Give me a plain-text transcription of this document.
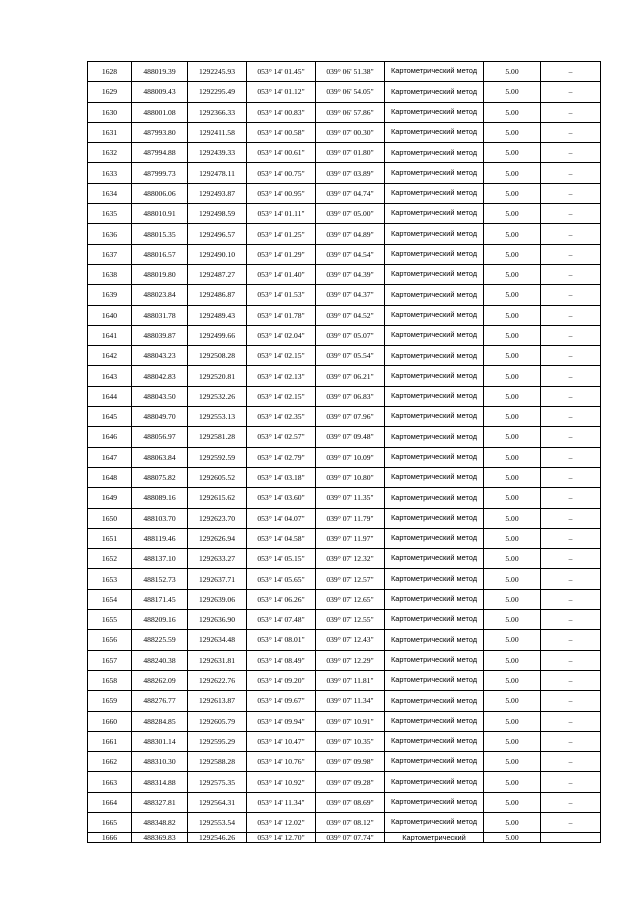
1628	488019.39	1292245.93	053° 14' 01.45"	039° 06' 51.38"	Картометрический метод	5.00	–
1629	488009.43	1292295.49	053° 14' 01.12"	039° 06' 54.05"	Картометрический метод	5.00	–
1630	488001.08	1292366.33	053° 14' 00.83"	039° 06' 57.86"	Картометрический метод	5.00	–
1631	487993.80	1292411.58	053° 14' 00.58"	039° 07' 00.30"	Картометрический метод	5.00	–
1632	487994.88	1292439.33	053° 14' 00.61"	039° 07' 01.80"	Картометрический метод	5.00	–
1633	487999.73	1292478.11	053° 14' 00.75"	039° 07' 03.89"	Картометрический метод	5.00	–
1634	488006.06	1292493.87	053° 14' 00.95"	039° 07' 04.74"	Картометрический метод	5.00	–
1635	488010.91	1292498.59	053° 14' 01.11"	039° 07' 05.00"	Картометрический метод	5.00	–
1636	488015.35	1292496.57	053° 14' 01.25"	039° 07' 04.89"	Картометрический метод	5.00	–
1637	488016.57	1292490.10	053° 14' 01.29"	039° 07' 04.54"	Картометрический метод	5.00	–
1638	488019.80	1292487.27	053° 14' 01.40"	039° 07' 04.39"	Картометрический метод	5.00	–
1639	488023.84	1292486.87	053° 14' 01.53"	039° 07' 04.37"	Картометрический метод	5.00	–
1640	488031.78	1292489.43	053° 14' 01.78"	039° 07' 04.52"	Картометрический метод	5.00	–
1641	488039.87	1292499.66	053° 14' 02.04"	039° 07' 05.07"	Картометрический метод	5.00	–
1642	488043.23	1292508.28	053° 14' 02.15"	039° 07' 05.54"	Картометрический метод	5.00	–
1643	488042.83	1292520.81	053° 14' 02.13"	039° 07' 06.21"	Картометрический метод	5.00	–
1644	488043.50	1292532.26	053° 14' 02.15"	039° 07' 06.83"	Картометрический метод	5.00	–
1645	488049.70	1292553.13	053° 14' 02.35"	039° 07' 07.96"	Картометрический метод	5.00	–
1646	488056.97	1292581.28	053° 14' 02.57"	039° 07' 09.48"	Картометрический метод	5.00	–
1647	488063.84	1292592.59	053° 14' 02.79"	039° 07' 10.09"	Картометрический метод	5.00	–
1648	488075.82	1292605.52	053° 14' 03.18"	039° 07' 10.80"	Картометрический метод	5.00	–
1649	488089.16	1292615.62	053° 14' 03.60"	039° 07' 11.35"	Картометрический метод	5.00	–
1650	488103.70	1292623.70	053° 14' 04.07"	039° 07' 11.79"	Картометрический метод	5.00	–
1651	488119.46	1292626.94	053° 14' 04.58"	039° 07' 11.97"	Картометрический метод	5.00	–
1652	488137.10	1292633.27	053° 14' 05.15"	039° 07' 12.32"	Картометрический метод	5.00	–
1653	488152.73	1292637.71	053° 14' 05.65"	039° 07' 12.57"	Картометрический метод	5.00	–
1654	488171.45	1292639.06	053° 14' 06.26"	039° 07' 12.65"	Картометрический метод	5.00	–
1655	488209.16	1292636.90	053° 14' 07.48"	039° 07' 12.55"	Картометрический метод	5.00	–
1656	488225.59	1292634.48	053° 14' 08.01"	039° 07' 12.43"	Картометрический метод	5.00	–
1657	488240.38	1292631.81	053° 14' 08.49"	039° 07' 12.29"	Картометрический метод	5.00	–
1658	488262.09	1292622.76	053° 14' 09.20"	039° 07' 11.81"	Картометрический метод	5.00	–
1659	488276.77	1292613.87	053° 14' 09.67"	039° 07' 11.34"	Картометрический метод	5.00	–
1660	488284.85	1292605.79	053° 14' 09.94"	039° 07' 10.91"	Картометрический метод	5.00	–
1661	488301.14	1292595.29	053° 14' 10.47"	039° 07' 10.35"	Картометрический метод	5.00	–
1662	488310.30	1292588.28	053° 14' 10.76"	039° 07' 09.98"	Картометрический метод	5.00	–
1663	488314.88	1292575.35	053° 14' 10.92"	039° 07' 09.28"	Картометрический метод	5.00	–
1664	488327.81	1292564.31	053° 14' 11.34"	039° 07' 08.69"	Картометрический метод	5.00	–
1665	488348.82	1292553.54	053° 14' 12.02"	039° 07' 08.12"	Картометрический метод	5.00	–
1666	488369.83	1292546.26	053° 14' 12.70"	039° 07' 07.74"	Картометрический	5.00	
